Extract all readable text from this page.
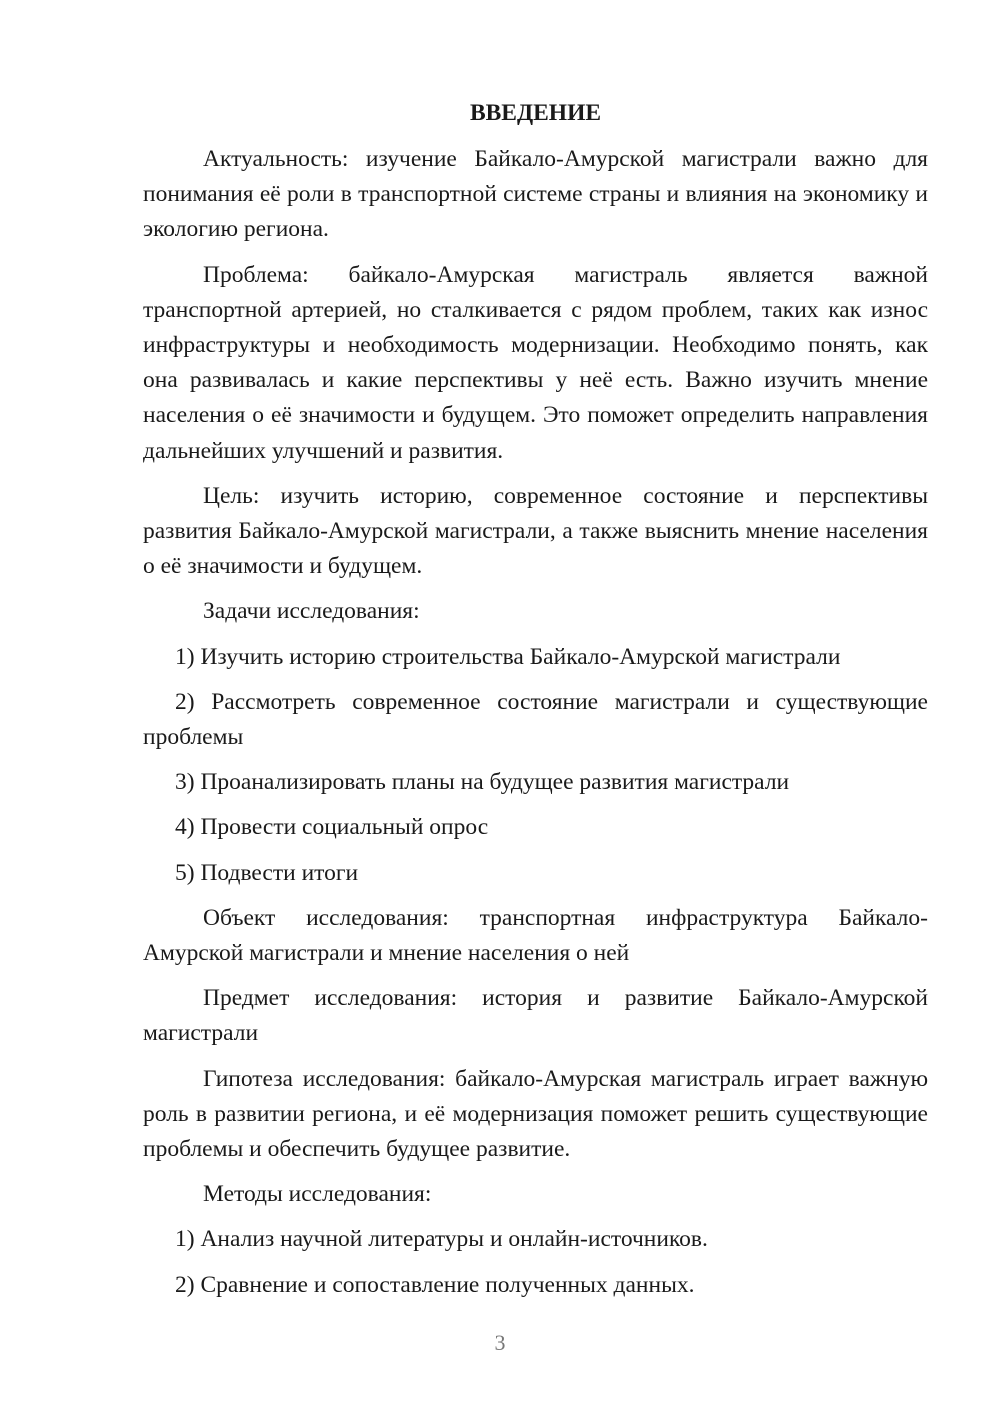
ВВЕДЕНИЕ

Актуальность: изучение Байкало-Амурской магистрали важно для понимания её роли в транспортной системе страны и влияния на экономику и экологию региона.

Проблема: байкало-Амурская магистраль является важной транспортной артерией, но сталкивается с рядом проблем, таких как износ инфраструктуры и необходимость модернизации. Необходимо понять, как она развивалась и какие перспективы у неё есть. Важно изучить мнение населения о её значимости и будущем. Это поможет определить направления дальнейших улучшений и развития.

Цель: изучить историю, современное состояние и перспективы развития Байкало-Амурской магистрали, а также выяснить мнение населения о её значимости и будущем.

Задачи исследования:

1) Изучить историю строительства Байкало-Амурской магистрали

2) Рассмотреть современное состояние магистрали и существующие проблемы

3) Проанализировать планы на будущее развития магистрали

4) Провести социальный опрос

5) Подвести итоги

Объект исследования: транспортная инфраструктура Байкало-Амурской магистрали и мнение населения о ней

Предмет исследования: история и развитие Байкало-Амурской магистрали

Гипотеза исследования: байкало-Амурская магистраль играет важную роль в развитии региона, и её модернизация поможет решить существующие проблемы и обеспечить будущее развитие.

Методы исследования:

1) Анализ научной литературы и онлайн-источников.

2) Сравнение и сопоставление полученных данных.

3
